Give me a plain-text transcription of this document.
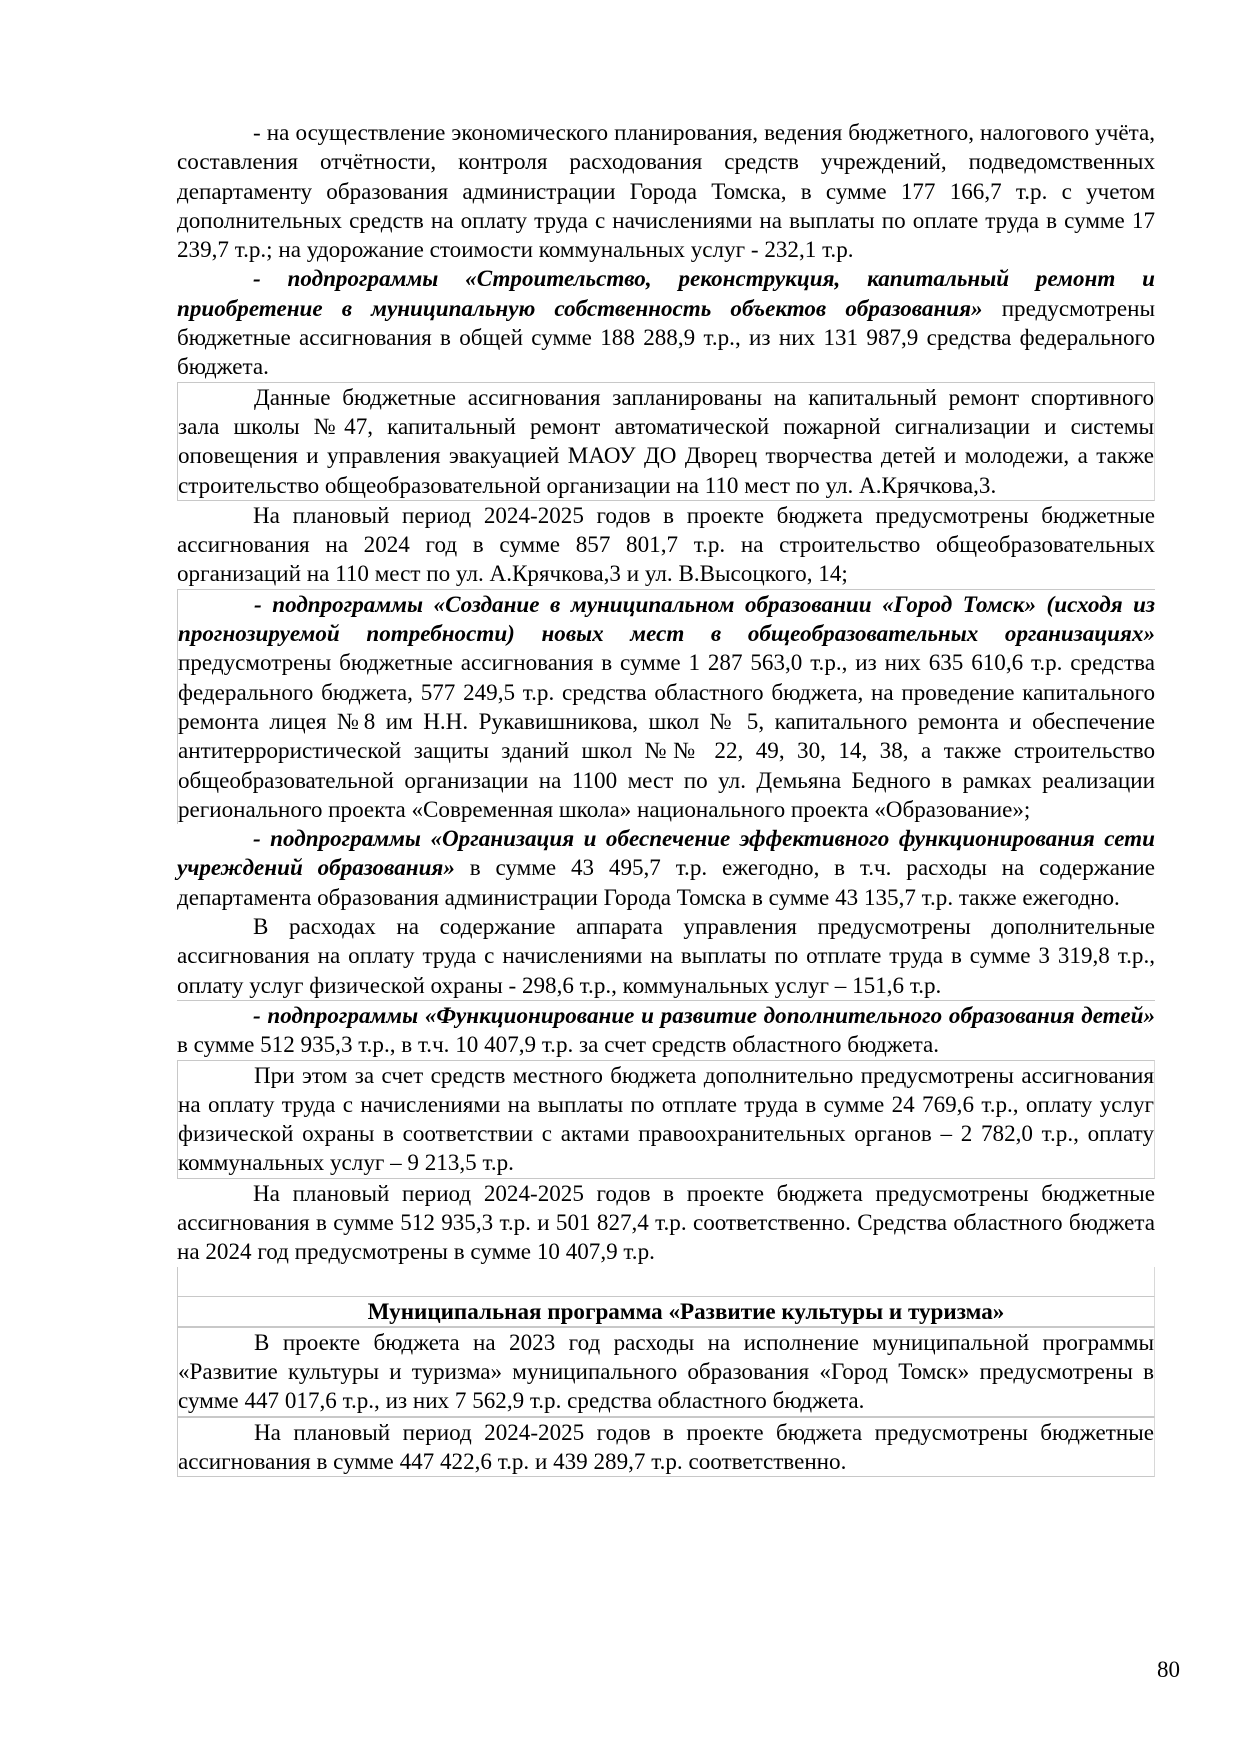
- на осуществление экономического планирования, ведения бюджетного, налогового учёта, составления отчётности, контроля расходования средств учреждений, подведомственных департаменту образования администрации Города Томска, в сумме 177 166,7 т.р. с учетом дополнительных средств на оплату труда с начислениями на выплаты по оплате труда в сумме 17 239,7 т.р.; на удорожание стоимости коммунальных услуг - 232,1 т.р.

- подпрограммы «Строительство, реконструкция, капитальный ремонт и приобретение в муниципальную собственность объектов образования» предусмотрены бюджетные ассигнования в общей сумме 188 288,9 т.р., из них 131 987,9 средства федерального бюджета.

Данные бюджетные ассигнования запланированы на капитальный ремонт спортивного зала школы №47, капитальный ремонт автоматической пожарной сигнализации и системы оповещения и управления эвакуацией МАОУ ДО Дворец творчества детей и молодежи, а также строительство общеобразовательной организации на 110 мест по ул. А.Крячкова,3.

На плановый период 2024-2025 годов в проекте бюджета предусмотрены бюджетные ассигнования на 2024 год в сумме 857 801,7 т.р. на строительство общеобразовательных организаций на 110 мест по ул. А.Крячкова,3 и ул. В.Высоцкого, 14;

- подпрограммы «Создание в муниципальном образовании «Город Томск» (исходя из прогнозируемой потребности) новых мест в общеобразовательных организациях» предусмотрены бюджетные ассигнования в сумме 1 287 563,0 т.р., из них 635 610,6 т.р. средства федерального бюджета, 577 249,5 т.р. средства областного бюджета, на проведение капитального ремонта лицея №8 им Н.Н. Рукавишникова, школ № 5, капитального ремонта и обеспечение антитеррористической защиты зданий школ №№ 22, 49, 30, 14, 38, а также строительство общеобразовательной организации на 1100 мест по ул. Демьяна Бедного в рамках реализации регионального проекта «Современная школа» национального проекта «Образование»;

- подпрограммы «Организация и обеспечение эффективного функционирования сети учреждений образования» в сумме 43 495,7 т.р. ежегодно, в т.ч. расходы на содержание департамента образования администрации Города Томска в сумме 43 135,7 т.р. также ежегодно.

В расходах на содержание аппарата управления предусмотрены дополнительные ассигнования на оплату труда с начислениями на выплаты по отплате труда в сумме 3 319,8 т.р., оплату услуг физической охраны - 298,6 т.р., коммунальных услуг – 151,6 т.р.

- подпрограммы «Функционирование и развитие дополнительного образования детей» в сумме 512 935,3 т.р., в т.ч. 10 407,9 т.р. за счет средств областного бюджета.

При этом за счет средств местного бюджета дополнительно предусмотрены ассигнования на оплату труда с начислениями на выплаты по отплате труда в сумме 24 769,6 т.р., оплату услуг физической охраны в соответствии с актами правоохранительных органов – 2 782,0 т.р., оплату коммунальных услуг – 9 213,5 т.р.

На плановый период 2024-2025 годов в проекте бюджета предусмотрены бюджетные ассигнования в сумме 512 935,3 т.р. и 501 827,4 т.р. соответственно. Средства областного бюджета на 2024 год предусмотрены в сумме 10 407,9 т.р.

Муниципальная программа «Развитие культуры и туризма»

В проекте бюджета на 2023 год расходы на исполнение муниципальной программы «Развитие культуры и туризма» муниципального образования «Город Томск» предусмотрены в сумме 447 017,6 т.р., из них 7 562,9 т.р. средства областного бюджета.

На плановый период 2024-2025 годов в проекте бюджета предусмотрены бюджетные ассигнования в сумме 447 422,6 т.р. и 439 289,7 т.р. соответственно.

80
